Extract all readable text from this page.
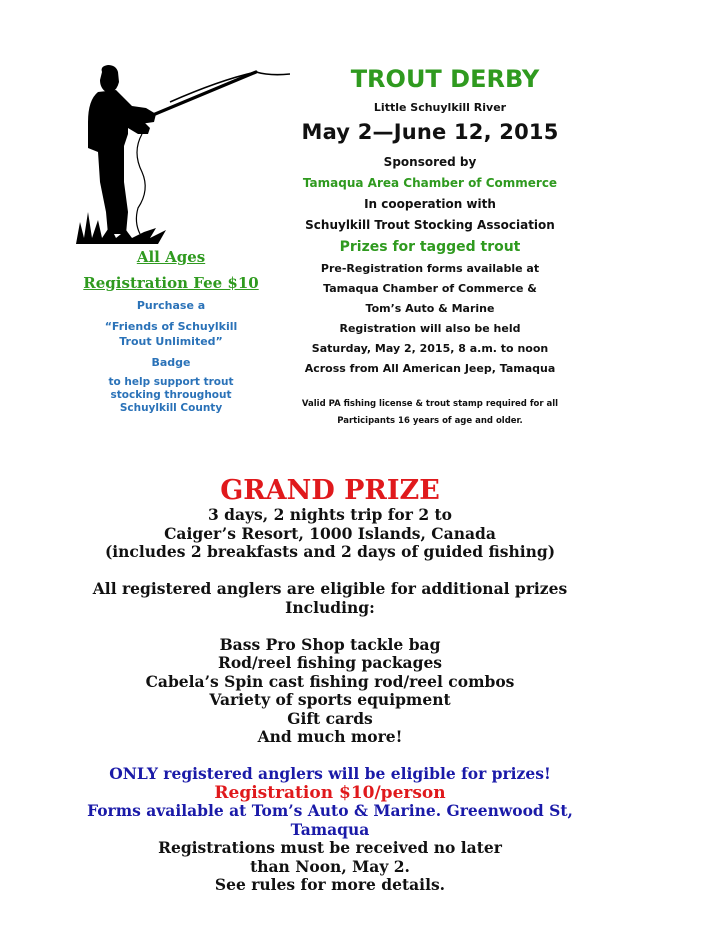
TROUT DERBY
Little Schuylkill River
May 2—June 12, 2015
Sponsored by
Tamaqua Area Chamber of Commerce
In cooperation with
Schuylkill Trout Stocking Association
Prizes for tagged trout
Pre-Registration forms available at
Tamaqua Chamber of Commerce &
Tom’s Auto & Marine
Registration will also be held
Saturday, May 2, 2015, 8 a.m. to noon
Across from All American Jeep, Tamaqua
Valid PA fishing license & trout stamp required for all
Participants 16 years of age and older.
All Ages
Registration Fee $10
Purchase a
“Friends of Schuylkill
Trout Unlimited”
Badge
to help support trout
stocking throughout
Schuylkill County
GRAND PRIZE
3 days, 2 nights trip for 2 to
Caiger’s Resort, 1000 Islands, Canada
(includes 2 breakfasts and 2 days of guided fishing)
All registered anglers are eligible for additional prizes
Including:
Bass Pro Shop tackle bag
Rod/reel fishing packages
Cabela’s Spin cast fishing rod/reel combos
Variety of sports equipment
Gift cards
And much more!
ONLY registered anglers will be eligible for prizes!
Registration $10/person
Forms available at Tom’s Auto & Marine. Greenwood St,
Tamaqua
Registrations must be received no later
than Noon, May 2.
See rules for more details.
